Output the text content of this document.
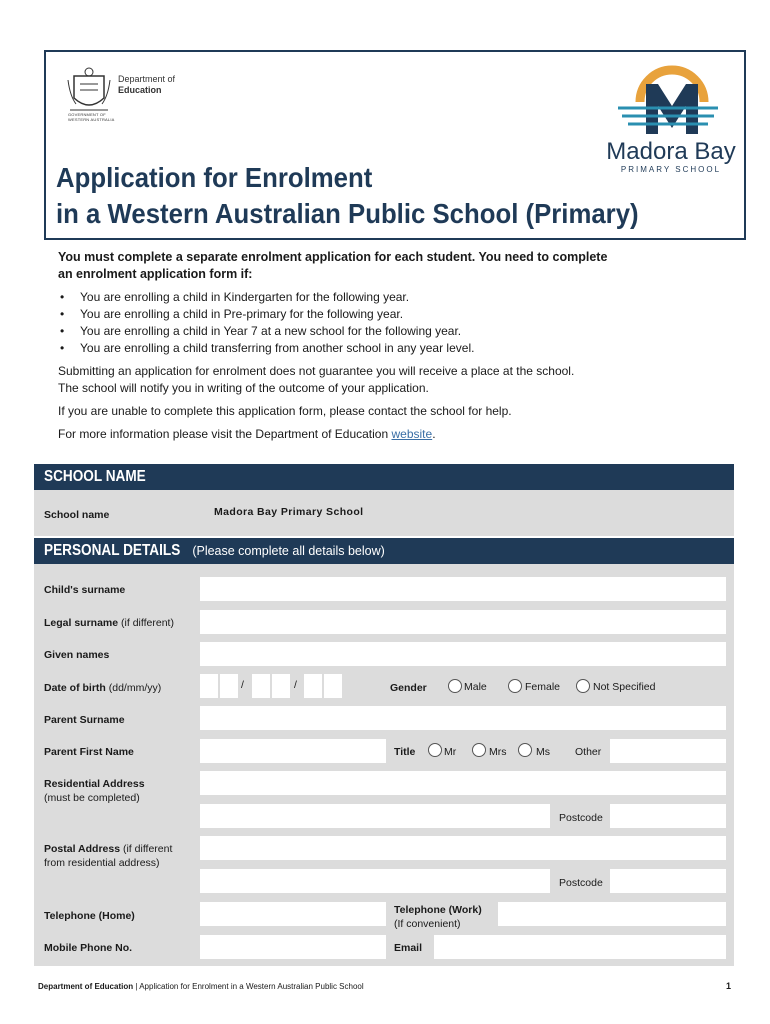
Department of
Education
GOVERNMENT OF
WESTERN AUSTRALIA
Madora Bay
PRIMARY SCHOOL
Application for Enrolment
in a Western Australian Public School (Primary)
You must complete a separate enrolment application for each student. You need to complete
an enrolment application form if:
• You are enrolling a child in Kindergarten for the following year.
• You are enrolling a child in Pre-primary for the following year.
• You are enrolling a child in Year 7 at a new school for the following year.
• You are enrolling a child transferring from another school in any year level.

Submitting an application for enrolment does not guarantee you will receive a place at the school.
The school will notify you in writing of the outcome of your application.

If you are unable to complete this application form, please contact the school for help.

For more information please visit the Department of Education website.

SCHOOL NAME
School name	Madora Bay Primary School
PERSONAL DETAILS (Please complete all details below)
Child's surname
Legal surname (if different)
Given names
Date of birth (dd/mm/yy)	/	/	Gender	Male	Female	Not Specified
Parent Surname
Parent First Name	Title	Mr	Mrs	Ms Other
Residential Address
(must be completed)
Postcode
Postal Address (if different
from residential address)
Postcode
Telephone (Home)	Telephone (Work)
(If convenient)
Mobile Phone No.	Email
Department of Education | Application for Enrolment in a Western Australian Public School	1
